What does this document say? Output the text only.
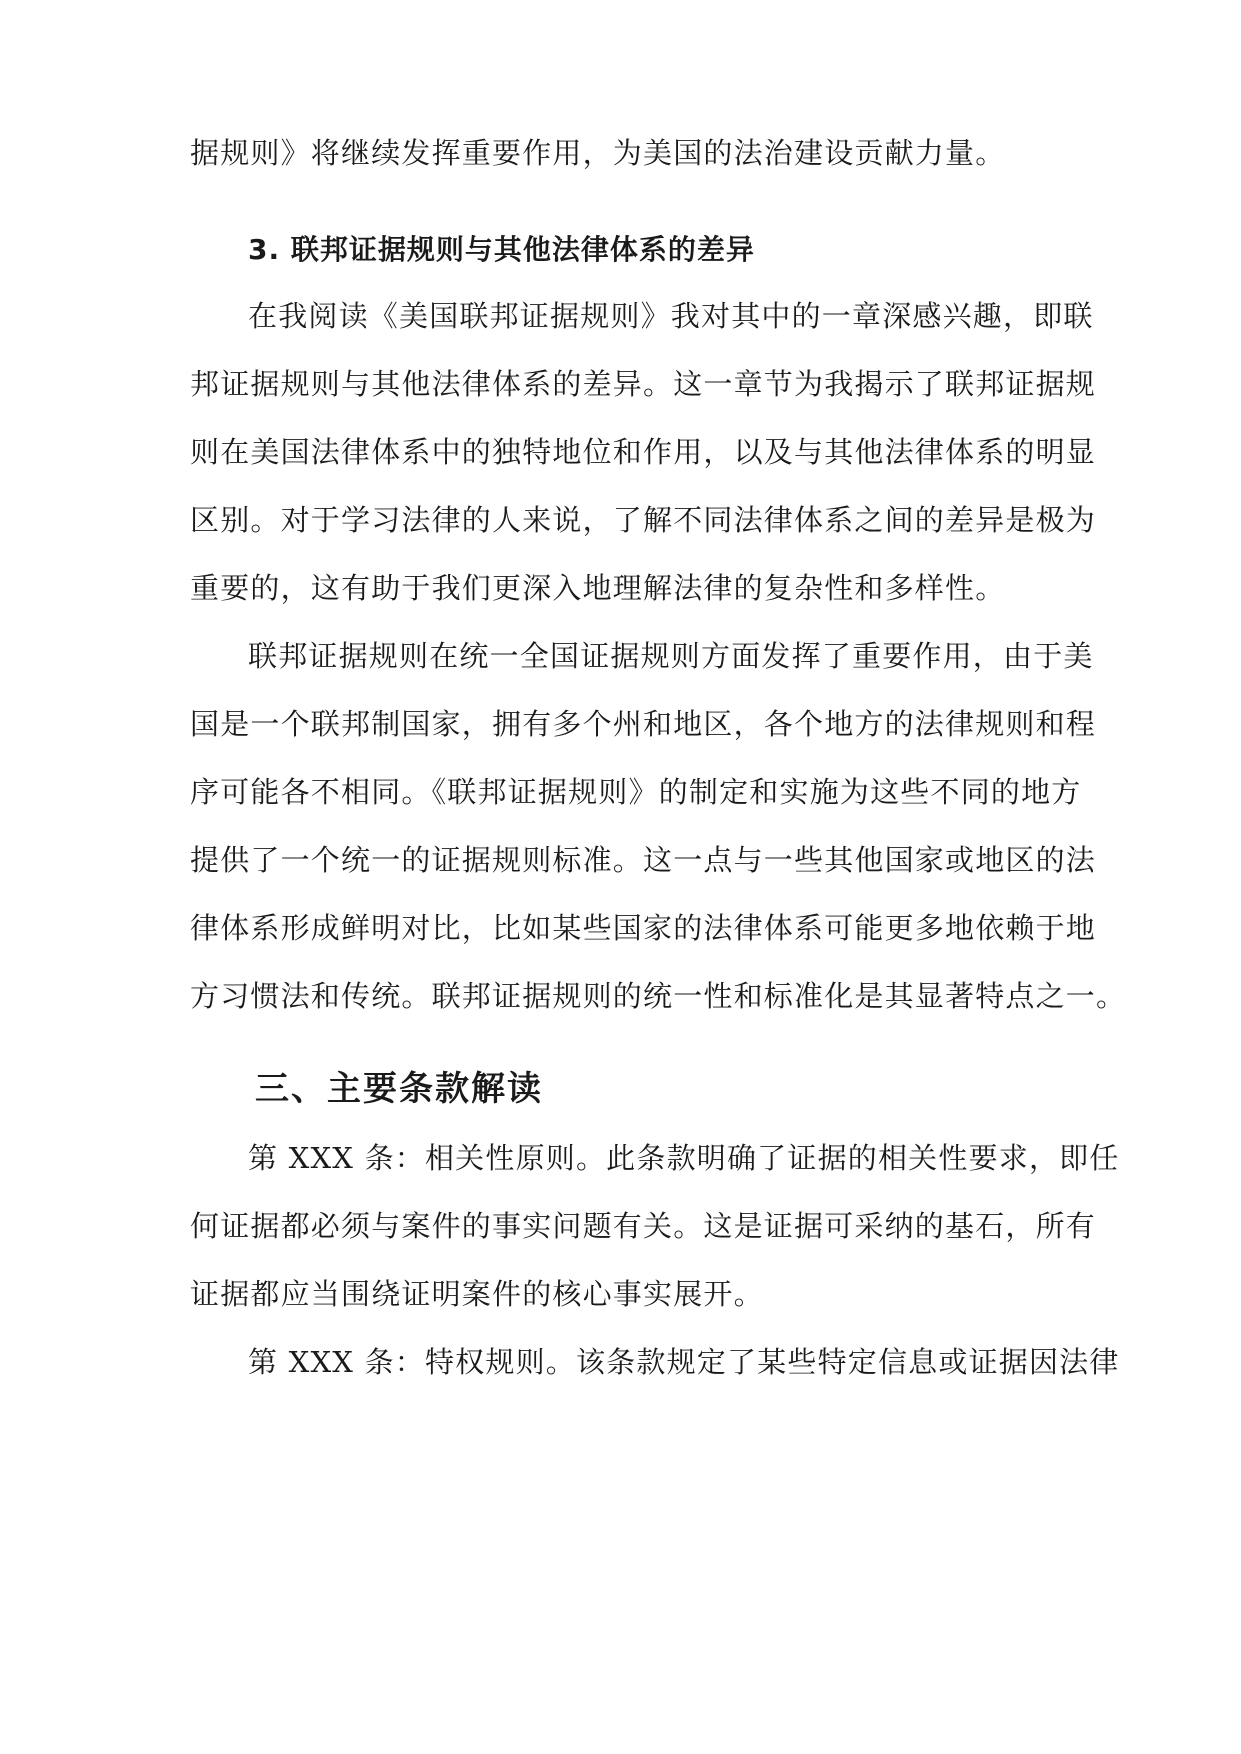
据规则》将继续发挥重要作用，为美国的法治建设贡献力量。
3. 联邦证据规则与其他法律体系的差异
在我阅读《美国联邦证据规则》我对其中的一章深感兴趣，即联
邦证据规则与其他法律体系的差异。这一章节为我揭示了联邦证据规
则在美国法律体系中的独特地位和作用，以及与其他法律体系的明显
区别。对于学习法律的人来说，了解不同法律体系之间的差异是极为
重要的，这有助于我们更深入地理解法律的复杂性和多样性。
联邦证据规则在统一全国证据规则方面发挥了重要作用，由于美
国是一个联邦制国家，拥有多个州和地区，各个地方的法律规则和程
序可能各不相同。《联邦证据规则》的制定和实施为这些不同的地方
提供了一个统一的证据规则标准。这一点与一些其他国家或地区的法
律体系形成鲜明对比，比如某些国家的法律体系可能更多地依赖于地
方习惯法和传统。联邦证据规则的统一性和标准化是其显著特点之一。
三、主要条款解读
第 XXX 条：相关性原则。此条款明确了证据的相关性要求，即任
何证据都必须与案件的事实问题有关。这是证据可采纳的基石，所有
证据都应当围绕证明案件的核心事实展开。
第 XXX 条：特权规则。该条款规定了某些特定信息或证据因法律
